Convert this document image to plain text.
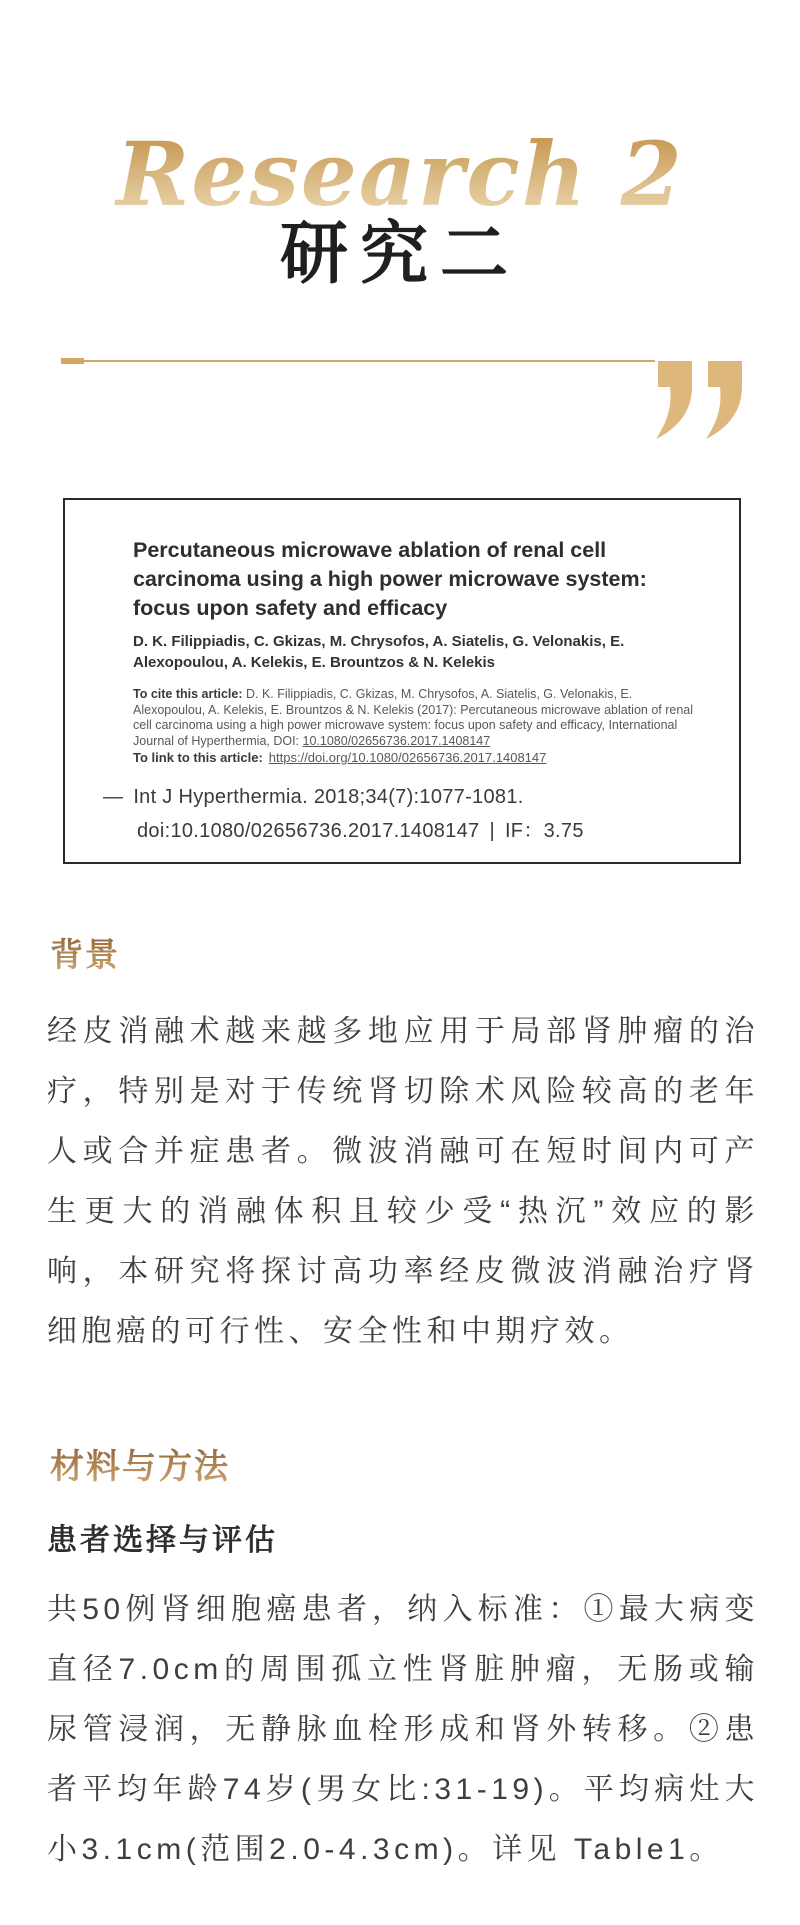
Research 2
研究二
Percutaneous microwave ablation of renal cell carcinoma using a high power microwave system: focus upon safety and efficacy
D. K. Filippiadis, C. Gkizas, M. Chrysofos, A. Siatelis, G. Velonakis, E. Alexopoulou, A. Kelekis, E. Brountzos & N. Kelekis
To cite this article: D. K. Filippiadis, C. Gkizas, M. Chrysofos, A. Siatelis, G. Velonakis, E. Alexopoulou, A. Kelekis, E. Brountzos & N. Kelekis (2017): Percutaneous microwave ablation of renal cell carcinoma using a high power microwave system: focus upon safety and efficacy, International Journal of Hyperthermia, DOI: 10.1080/02656736.2017.1408147
To link to this article: https://doi.org/10.1080/02656736.2017.1408147
— Int J Hyperthermia. 2018;34(7):1077-1081.
doi:10.1080/02656736.2017.1408147 | IF：3.75
背景
经皮消融术越来越多地应用于局部肾肿瘤的治疗，特别是对于传统肾切除术风险较高的老年人或合并症患者。微波消融可在短时间内可产生更大的消融体积且较少受“热沉”效应的影响，本研究将探讨高功率经皮微波消融治疗肾细胞癌的可行性、安全性和中期疗效。
材料与方法
患者选择与评估
共50例肾细胞癌患者，纳入标准：①最大病变直径7.0cm的周围孤立性肾脏肿瘤，无肠或输尿管浸润，无静脉血栓形成和肾外转移。②患者平均年龄74岁(男女比:31-19)。平均病灶大小3.1cm(范围2.0-4.3cm)。详见 Table1。
